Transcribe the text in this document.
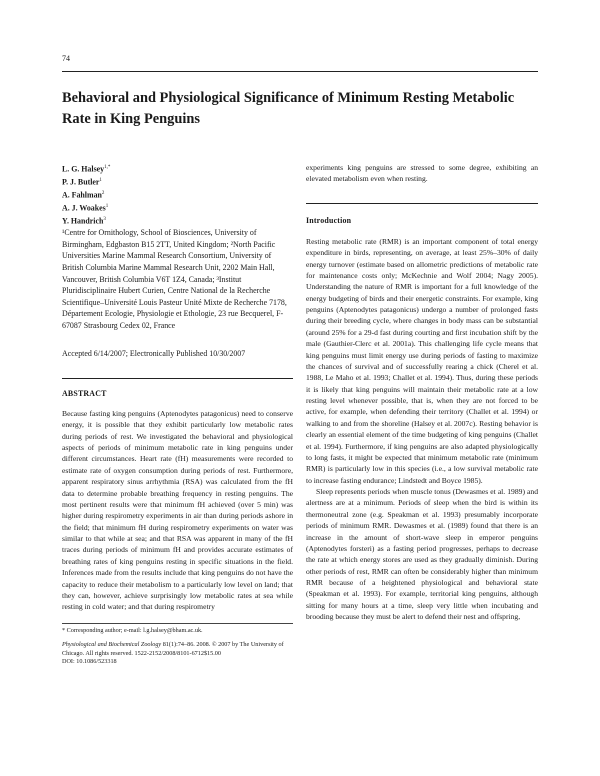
74
Behavioral and Physiological Significance of Minimum Resting Metabolic Rate in King Penguins
L. G. Halsey$^{1,*}$
P. J. Butler$^1$
A. Fahlman$^2$
A. J. Woakes$^1$
Y. Handrich$^3$

¹Centre for Ornithology, School of Biosciences, University of Birmingham, Edgbaston B15 2TT, United Kingdom; ²North Pacific Universities Marine Mammal Research Consortium, University of British Columbia Marine Mammal Research Unit, 2202 Main Hall, Vancouver, British Columbia V6T 1Z4, Canada; ³Institut Pluridisciplinaire Hubert Curien, Centre National de la Recherche Scientifique–Université Louis Pasteur Unité Mixte de Recherche 7178, Département Ecologie, Physiologie et Ethologie, 23 rue Becquerel, F-67087 Strasbourg Cedex 02, France

Accepted 6/14/2007; Electronically Published 10/30/2007

ABSTRACT

Because fasting king penguins (Aptenodytes patagonicus) need to conserve energy, it is possible that they exhibit particularly low metabolic rates during periods of rest. We investigated the behavioral and physiological aspects of periods of minimum metabolic rate in king penguins under different circumstances. Heart rate (fH) measurements were recorded to estimate rate of oxygen consumption during periods of rest. Furthermore, apparent respiratory sinus arrhythmia (RSA) was calculated from the fH data to determine probable breathing frequency in resting penguins. The most pertinent results were that minimum fH achieved (over 5 min) was higher during respirometry experiments in air than during periods ashore in the field; that minimum fH during respirometry experiments on water was similar to that while at sea; and that RSA was apparent in many of the fH traces during periods of minimum fH and provides accurate estimates of breathing rates of king penguins resting in specific situations in the field. Inferences made from the results include that king penguins do not have the capacity to reduce their metabolism to a particularly low level on land; that they can, however, achieve surprisingly low metabolic rates at sea while resting in cold water; and that during respirometry

* Corresponding author; e-mail: l.g.halsey@bham.ac.uk.

Physiological and Biochemical Zoology 81(1):74–86. 2008. © 2007 by The University of Chicago. All rights reserved. 1522-2152/2008/8101-6712$15.00
DOI: 10.1086/523318

experiments king penguins are stressed to some degree, exhibiting an elevated metabolism even when resting.

Introduction

Resting metabolic rate (RMR) is an important component of total energy expenditure in birds, representing, on average, at least 25%–30% of daily energy turnover (estimate based on allometric predictions of metabolic rate for maintenance costs only; McKechnie and Wolf 2004; Nagy 2005). Understanding the nature of RMR is important for a full knowledge of the energy budgeting of birds and their energetic constraints. For example, king penguins (Aptenodytes patagonicus) undergo a number of prolonged fasts during their breeding cycle, where changes in body mass can be substantial (around 25% for a 29-d fast during courting and first incubation shift by the male (Gauthier-Clerc et al. 2001a). This challenging life cycle means that king penguins must limit energy use during periods of fasting to maximize the chances of survival and of successfully rearing a chick (Cherel et al. 1988, Le Maho et al. 1993; Challet et al. 1994). Thus, during these periods it is likely that king penguins will maintain their metabolic rate at a low resting level whenever possible, that is, when they are not forced to be active, for example, when defending their territory (Challet et al. 1994) or walking to and from the shoreline (Halsey et al. 2007c). Resting behavior is clearly an essential element of the time budgeting of king penguins (Challet et al. 1994). Furthermore, if king penguins are also adapted physiologically to long fasts, it might be expected that minimum metabolic rate (minimum RMR) is particularly low in this species (i.e., a low survival metabolic rate to increase fasting endurance; Lindstedt and Boyce 1985).

Sleep represents periods when muscle tonus (Dewasmes et al. 1989) and alertness are at a minimum. Periods of sleep when the bird is within its thermoneutral zone (e.g. Speakman et al. 1993) presumably incorporate periods of minimum RMR. Dewasmes et al. (1989) found that there is an increase in the amount of short-wave sleep in emperor penguins (Aptenodytes forsteri) as a fasting period progresses, perhaps to decrease the rate at which energy stores are used as they gradually diminish. During other periods of rest, RMR can often be considerably higher than minimum RMR because of a heightened physiological and behavioral state (Speakman et al. 1993). For example, territorial king penguins, although sitting for many hours at a time, sleep very little when incubating and brooding because they must be alert to defend their nest and offspring,
